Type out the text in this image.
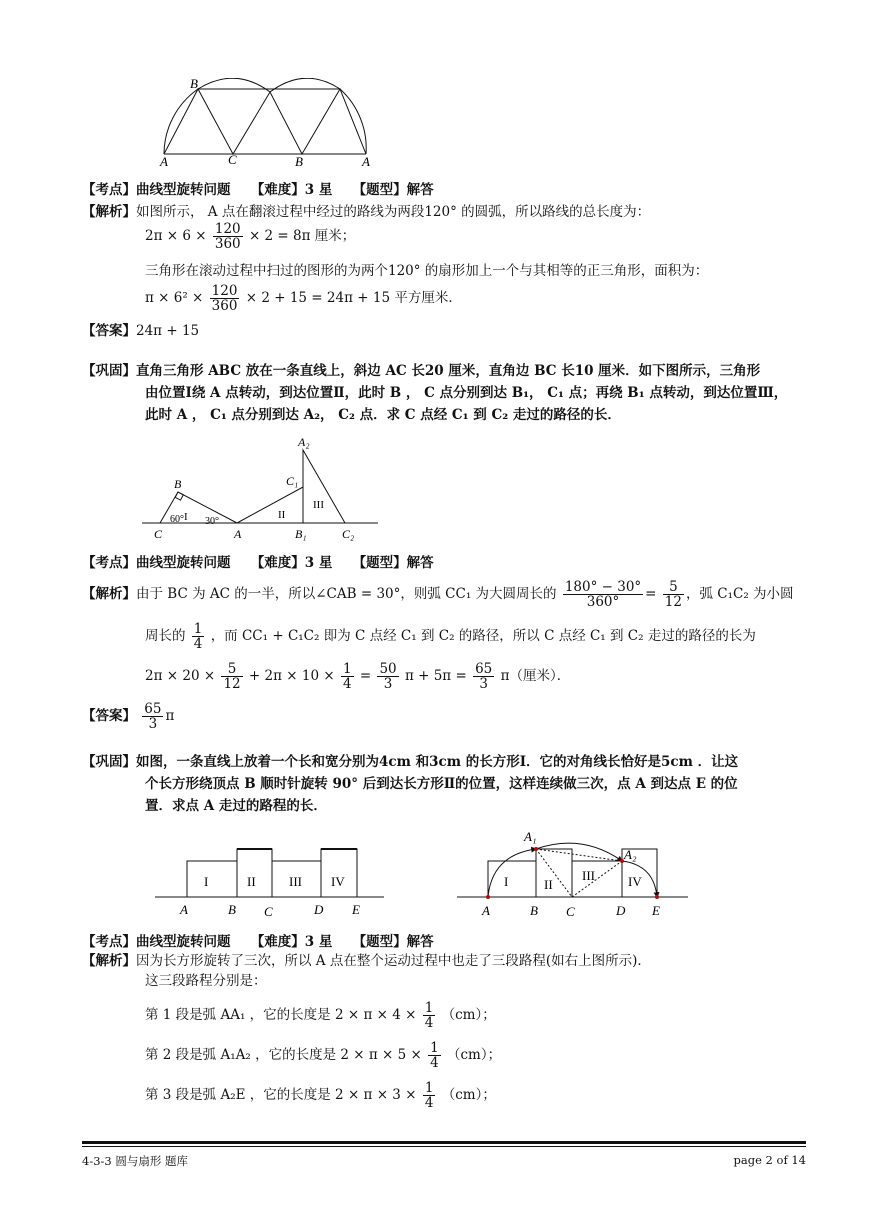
B
A	C	B	A
【考点】曲线型旋转问题　　【难度】3 星　　【题型】解答
【解析】如图所示， A 点在翻滚过程中经过的路线为两段120° 的圆弧，所以路线的总长度为：
$2\pi \times 6 \times \frac{120}{360} \times 2 = 8\pi$ 厘米；
三角形在滚动过程中扫过的图形的为两个120° 的扇形加上一个与其相等的正三角形，面积为：
$\pi \times 6^2 \times \frac{120}{360} \times 2 + 15 = 24\pi + 15$ 平方厘米．
【答案】24π + 15
【巩固】直角三角形 ABC 放在一条直线上，斜边 AC 长20 厘米，直角边 BC 长10 厘米．如下图所示，三角形
由位置Ⅰ绕 A 点转动，到达位置Ⅱ，此时 B ， C 点分别到达 B₁， C₁ 点；再绕 B₁ 点转动，到达位置Ⅲ，
此时 A ， C₁ 点分别到达 A₂， C₂ 点．求 C 点经 C₁ 到 C₂ 走过的路径的长．
A₂
C₁
B
III
II
I
60° 30°
C	A	B₁	C₂
【考点】曲线型旋转问题　　【难度】3 星　　【题型】解答
【解析】由于 BC 为 AC 的一半，所以∠CAB = 30°，则弧 CC₁ 为大圆周长的 $\frac{180^\circ - 30^\circ}{360^\circ} = \frac{5}{12}$ ，弧 C₁C₂ 为小圆
周长的 $\frac{1}{4}$ ，而 CC₁ + C₁C₂ 即为 C 点经 C₁ 到 C₂ 的路径，所以 C 点经 C₁ 到 C₂ 走过的路径的长为
$2\pi \times 20 \times \frac{5}{12} + 2\pi \times 10 \times \frac{1}{4} = \frac{50}{3}$ $\pi + 5\pi = \frac{65}{3} \pi$（厘米）．
【答案】 $\frac{65}{3}$ π
【巩固】如图，一条直线上放着一个长和宽分别为4cm 和3cm 的长方形Ⅰ．它的对角线长恰好是5cm ．让这
个长方形绕顶点 B 顺时针旋转 90° 后到达长方形Ⅱ的位置，这样连续做三次，点 A 到达点 E 的位
置．求点 A 走过的路程的长．
I	II	III IV
A	B C	D E
A₁
A₂
I	II
III	IV
A	B C	D E
【考点】曲线型旋转问题　　【难度】3 星　　【题型】解答
【解析】因为长方形旋转了三次，所以 A 点在整个运动过程中也走了三段路程(如右上图所示)．
这三段路程分别是：
第 1 段是弧 AA₁ ，它的长度是 $2 \times \pi \times 4 \times \frac{1}{4} (cm)$；
第 2 段是弧 A₁A₂ ，它的长度是 $2 \times \pi \times 5 \times \frac{1}{4} (cm)$；
第 3 段是弧 A₂E ，它的长度是 $2 \times \pi \times 3 \times \frac{1}{4} (cm)$；
4-3-3 圆与扇形 题库	page 2 of 14
